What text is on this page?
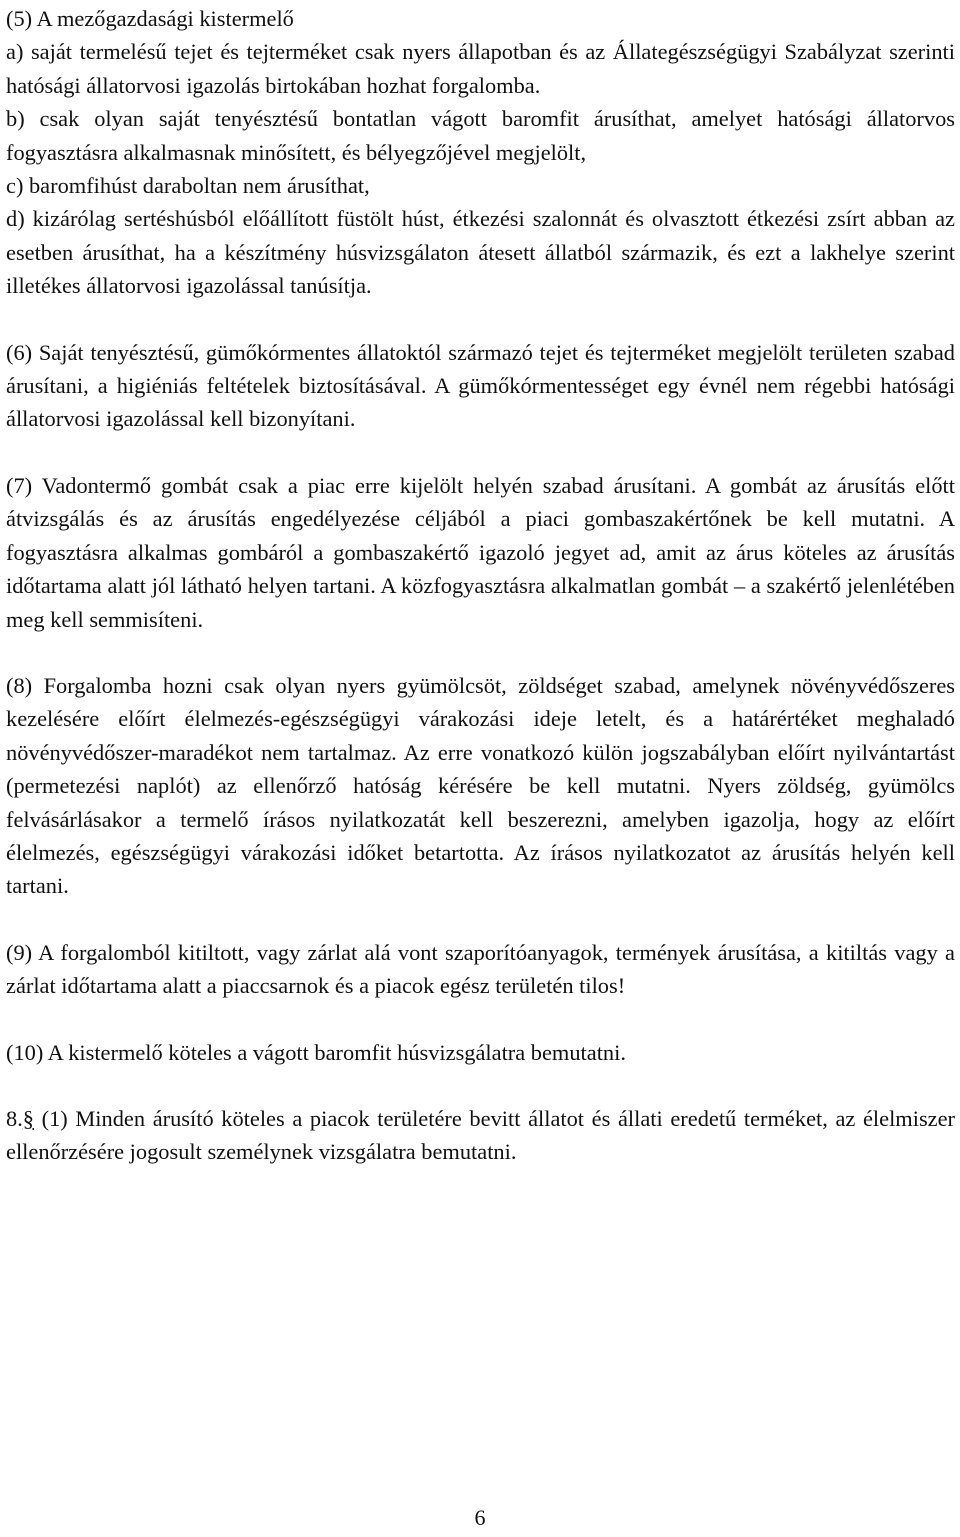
(5) A mezőgazdasági kistermelő

a) saját termelésű tejet és tejterméket csak nyers állapotban és az Állategészségügyi Szabályzat szerinti hatósági állatorvosi igazolás birtokában hozhat forgalomba.

b) csak olyan saját tenyésztésű bontatlan vágott baromfit árusíthat, amelyet hatósági állatorvos fogyasztásra alkalmasnak minősített, és bélyegzőjével megjelölt,

c) baromfihúst daraboltan nem árusíthat,

d) kizárólag sertéshúsból előállított füstölt húst, étkezési szalonnát és olvasztott étkezési zsírt abban az esetben árusíthat, ha a készítmény húsvizsgálaton átesett állatból származik, és ezt a lakhelye szerint illetékes állatorvosi igazolással tanúsítja.

(6) Saját tenyésztésű, gümőkórmentes állatoktól származó tejet és tejterméket megjelölt területen szabad árusítani, a higiéniás feltételek biztosításával. A gümőkórmentességet egy évnél nem régebbi hatósági állatorvosi igazolással kell bizonyítani.

(7) Vadontermő gombát csak a piac erre kijelölt helyén szabad árusítani. A gombát az árusítás előtt átvizsgálás és az árusítás engedélyezése céljából a piaci gombaszakértőnek be kell mutatni. A fogyasztásra alkalmas gombáról a gombaszakértő igazoló jegyet ad, amit az árus köteles az árusítás időtartama alatt jól látható helyen tartani. A közfogyasztásra alkalmatlan gombát – a szakértő jelenlétében meg kell semmisíteni.

(8) Forgalomba hozni csak olyan nyers gyümölcsöt, zöldséget szabad, amelynek növényvédőszeres kezelésére előírt élelmezés-egészségügyi várakozási ideje letelt, és a határértéket meghaladó növényvédőszer-maradékot nem tartalmaz. Az erre vonatkozó külön jogszabályban előírt nyilvántartást (permetezési naplót) az ellenőrző hatóság kérésére be kell mutatni. Nyers zöldség, gyümölcs felvásárlásakor a termelő írásos nyilatkozatát kell beszerezni, amelyben igazolja, hogy az előírt élelmezés, egészségügyi várakozási időket betartotta. Az írásos nyilatkozatot az árusítás helyén kell tartani.

(9) A forgalomból kitiltott, vagy zárlat alá vont szaporítóanyagok, termények árusítása, a kitiltás vagy a zárlat időtartama alatt a piaccsarnok és a piacok egész területén tilos!

(10) A kistermelő köteles a vágott baromfit húsvizsgálatra bemutatni.

8.§ (1) Minden árusító köteles a piacok területére bevitt állatot és állati eredetű terméket, az élelmiszer ellenőrzésére jogosult személynek vizsgálatra bemutatni.

6
